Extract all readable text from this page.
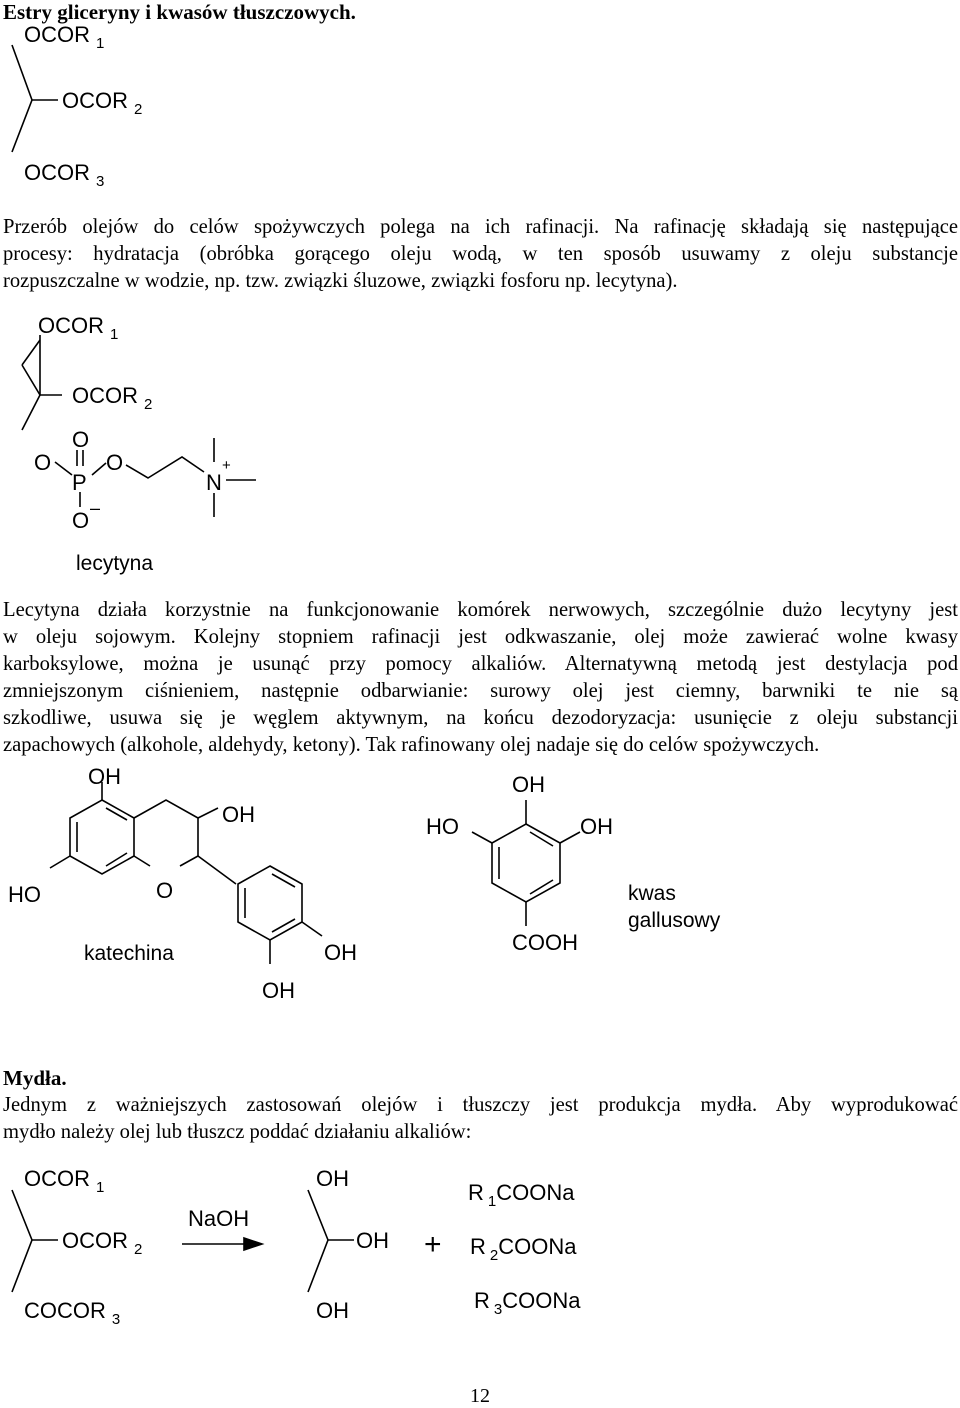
Estry gliceryny i kwasów tłuszczowych.

OCOR $_1$
OCOR $_2$
OCOR $_3$
Przerób olejów do celów spożywczych polega na ich rafinacji. Na rafinację składają się następujące
procesy: hydratacja (obróbka gorącego oleju wodą, w ten sposób usuwamy z oleju substancje
rozpuszczalne w wodzie, np. tzw. związki śluzowe, związki fosforu np. lecytyna).
OCOR $_1$
OCOR $_2$
O
O
P
O
O –
N
+
lecytyna
Lecytyna działa korzystnie na funkcjonowanie komórek nerwowych, szczególnie dużo lecytyny jest
w oleju sojowym. Kolejny stopniem rafinacji jest odkwaszanie, olej może zawierać wolne kwasy
karboksylowe, można je usunąć przy pomocy alkaliów. Alternatywną metodą jest destylacja pod
zmniejszonym ciśnieniem, następnie odbarwianie: surowy olej jest ciemny, barwniki te nie są
szkodliwe, usuwa się je węglem aktywnym, na końcu dezodoryzacja: usunięcie z oleju substancji
zapachowych (alkohole, aldehydy, ketony). Tak rafinowany olej nadaje się do celów spożywczych.
OH
OH
HO	O
OH
OH
katechina
OH
HO	OH
COOH
kwas
gallusowy

Mydła.

Jednym z ważniejszych zastosowań olejów i tłuszczy jest produkcja mydła. Aby wyprodukować
mydło należy olej lub tłuszcz poddać działaniu alkaliów:
OCOR $_1$
OCOR $_2$
COCOR $_3$
NaOH
OH
OH
OH
+
R $_1$COONa
R $_2$COONa
R $_3$COONa

12
